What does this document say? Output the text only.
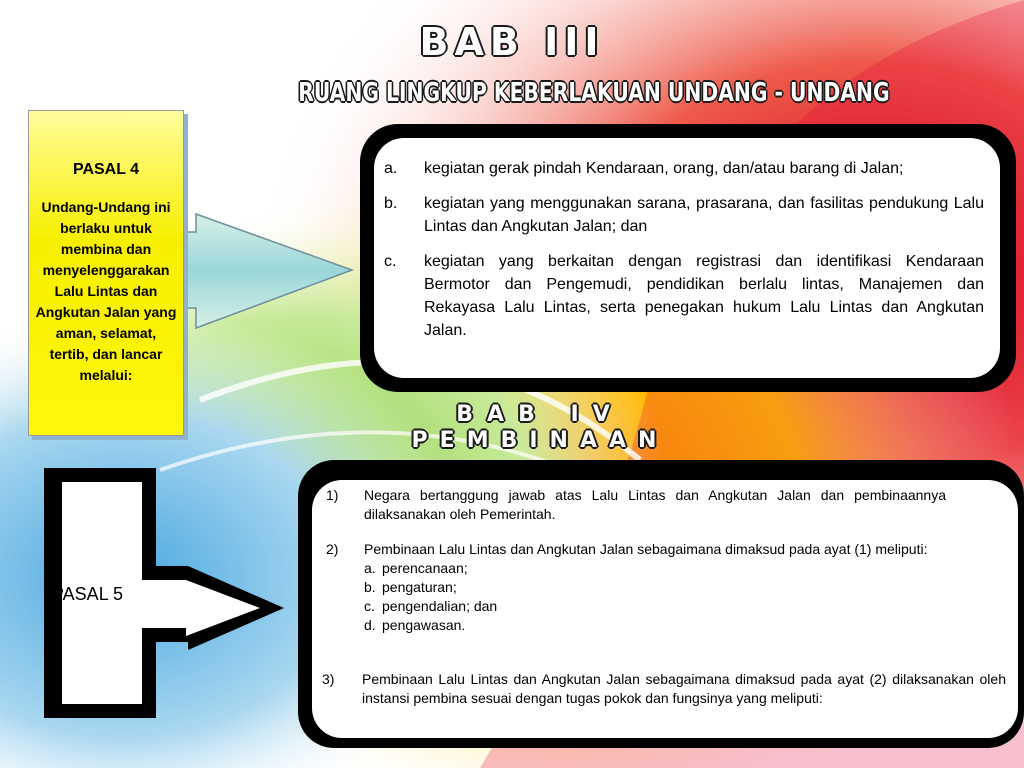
BAB III
RUANG LINGKUP KEBERLAKUAN UNDANG - UNDANG
PASAL 4
Undang-Undang ini berlaku untuk membina dan menyelenggarakan Lalu Lintas dan Angkutan Jalan yang aman, selamat, tertib, dan lancar melalui:
a. kegiatan gerak pindah Kendaraan, orang, dan/atau barang di Jalan;
b. kegiatan yang menggunakan sarana, prasarana, dan fasilitas pendukung Lalu Lintas dan Angkutan Jalan; dan
c. kegiatan yang berkaitan dengan registrasi dan identifikasi Kendaraan Bermotor dan Pengemudi, pendidikan berlalu lintas, Manajemen dan Rekayasa Lalu Lintas, serta penegakan hukum Lalu Lintas dan Angkutan Jalan.
BAB IV
PEMBINAAN
PASAL 5
1)	Negara bertanggung jawab atas Lalu Lintas dan Angkutan Jalan dan pembinaannya dilaksanakan oleh Pemerintah.
2) Pembinaan Lalu Lintas dan Angkutan Jalan sebagaimana dimaksud pada ayat (1) meliputi:
a. perencanaan;
b. pengaturan;
c. pengendalian; dan
d. pengawasan.
3)	Pembinaan Lalu Lintas dan Angkutan Jalan sebagaimana dimaksud pada ayat (2) dilaksanakan oleh instansi pembina sesuai dengan tugas pokok dan fungsinya yang meliputi:
